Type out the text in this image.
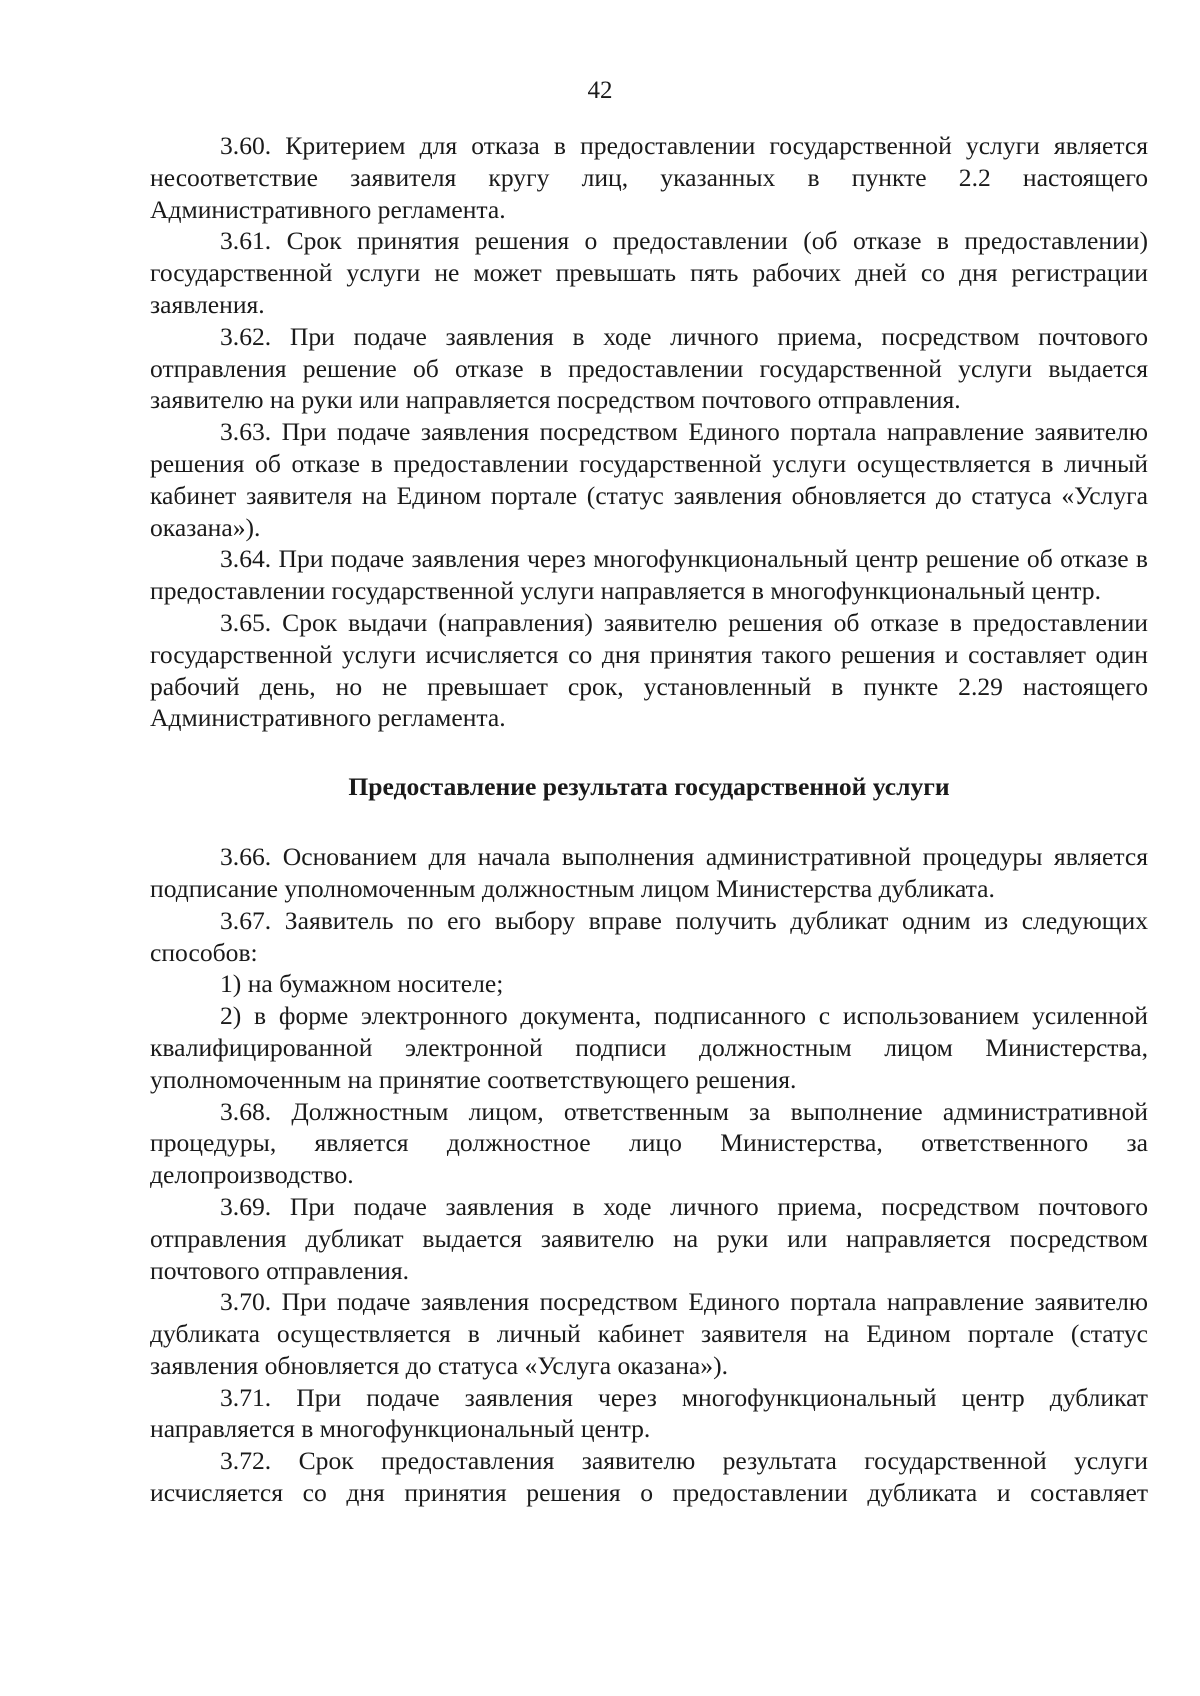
42

3.60. Критерием для отказа в предоставлении государственной услуги является несоответствие заявителя кругу лиц, указанных в пункте 2.2 настоящего Административного регламента.

3.61. Срок принятия решения о предоставлении (об отказе в предоставлении) государственной услуги не может превышать пять рабочих дней со дня регистрации заявления.

3.62. При подаче заявления в ходе личного приема, посредством почтового отправления решение об отказе в предоставлении государственной услуги выдается заявителю на руки или направляется посредством почтового отправления.

3.63. При подаче заявления посредством Единого портала направление заявителю решения об отказе в предоставлении государственной услуги осуществляется в личный кабинет заявителя на Едином портале (статус заявления обновляется до статуса «Услуга оказана»).

3.64. При подаче заявления через многофункциональный центр решение об отказе в предоставлении государственной услуги направляется в многофункциональный центр.

3.65. Срок выдачи (направления) заявителю решения об отказе в предоставлении государственной услуги исчисляется со дня принятия такого решения и составляет один рабочий день, но не превышает срок, установленный в пункте 2.29 настоящего Административного регламента.

Предоставление результата государственной услуги

3.66. Основанием для начала выполнения административной процедуры является подписание уполномоченным должностным лицом Министерства дубликата.

3.67. Заявитель по его выбору вправе получить дубликат одним из следующих способов:

1) на бумажном носителе;

2) в форме электронного документа, подписанного с использованием усиленной квалифицированной электронной подписи должностным лицом Министерства, уполномоченным на принятие соответствующего решения.

3.68. Должностным лицом, ответственным за выполнение административной процедуры, является должностное лицо Министерства, ответственного за делопроизводство.

3.69. При подаче заявления в ходе личного приема, посредством почтового отправления дубликат выдается заявителю на руки или направляется посредством почтового отправления.

3.70. При подаче заявления посредством Единого портала направление заявителю дубликата осуществляется в личный кабинет заявителя на Едином портале (статус заявления обновляется до статуса «Услуга оказана»).

3.71. При подаче заявления через многофункциональный центр дубликат направляется в многофункциональный центр.

3.72. Срок предоставления заявителю результата государственной услуги исчисляется со дня принятия решения о предоставлении дубликата и составляет
